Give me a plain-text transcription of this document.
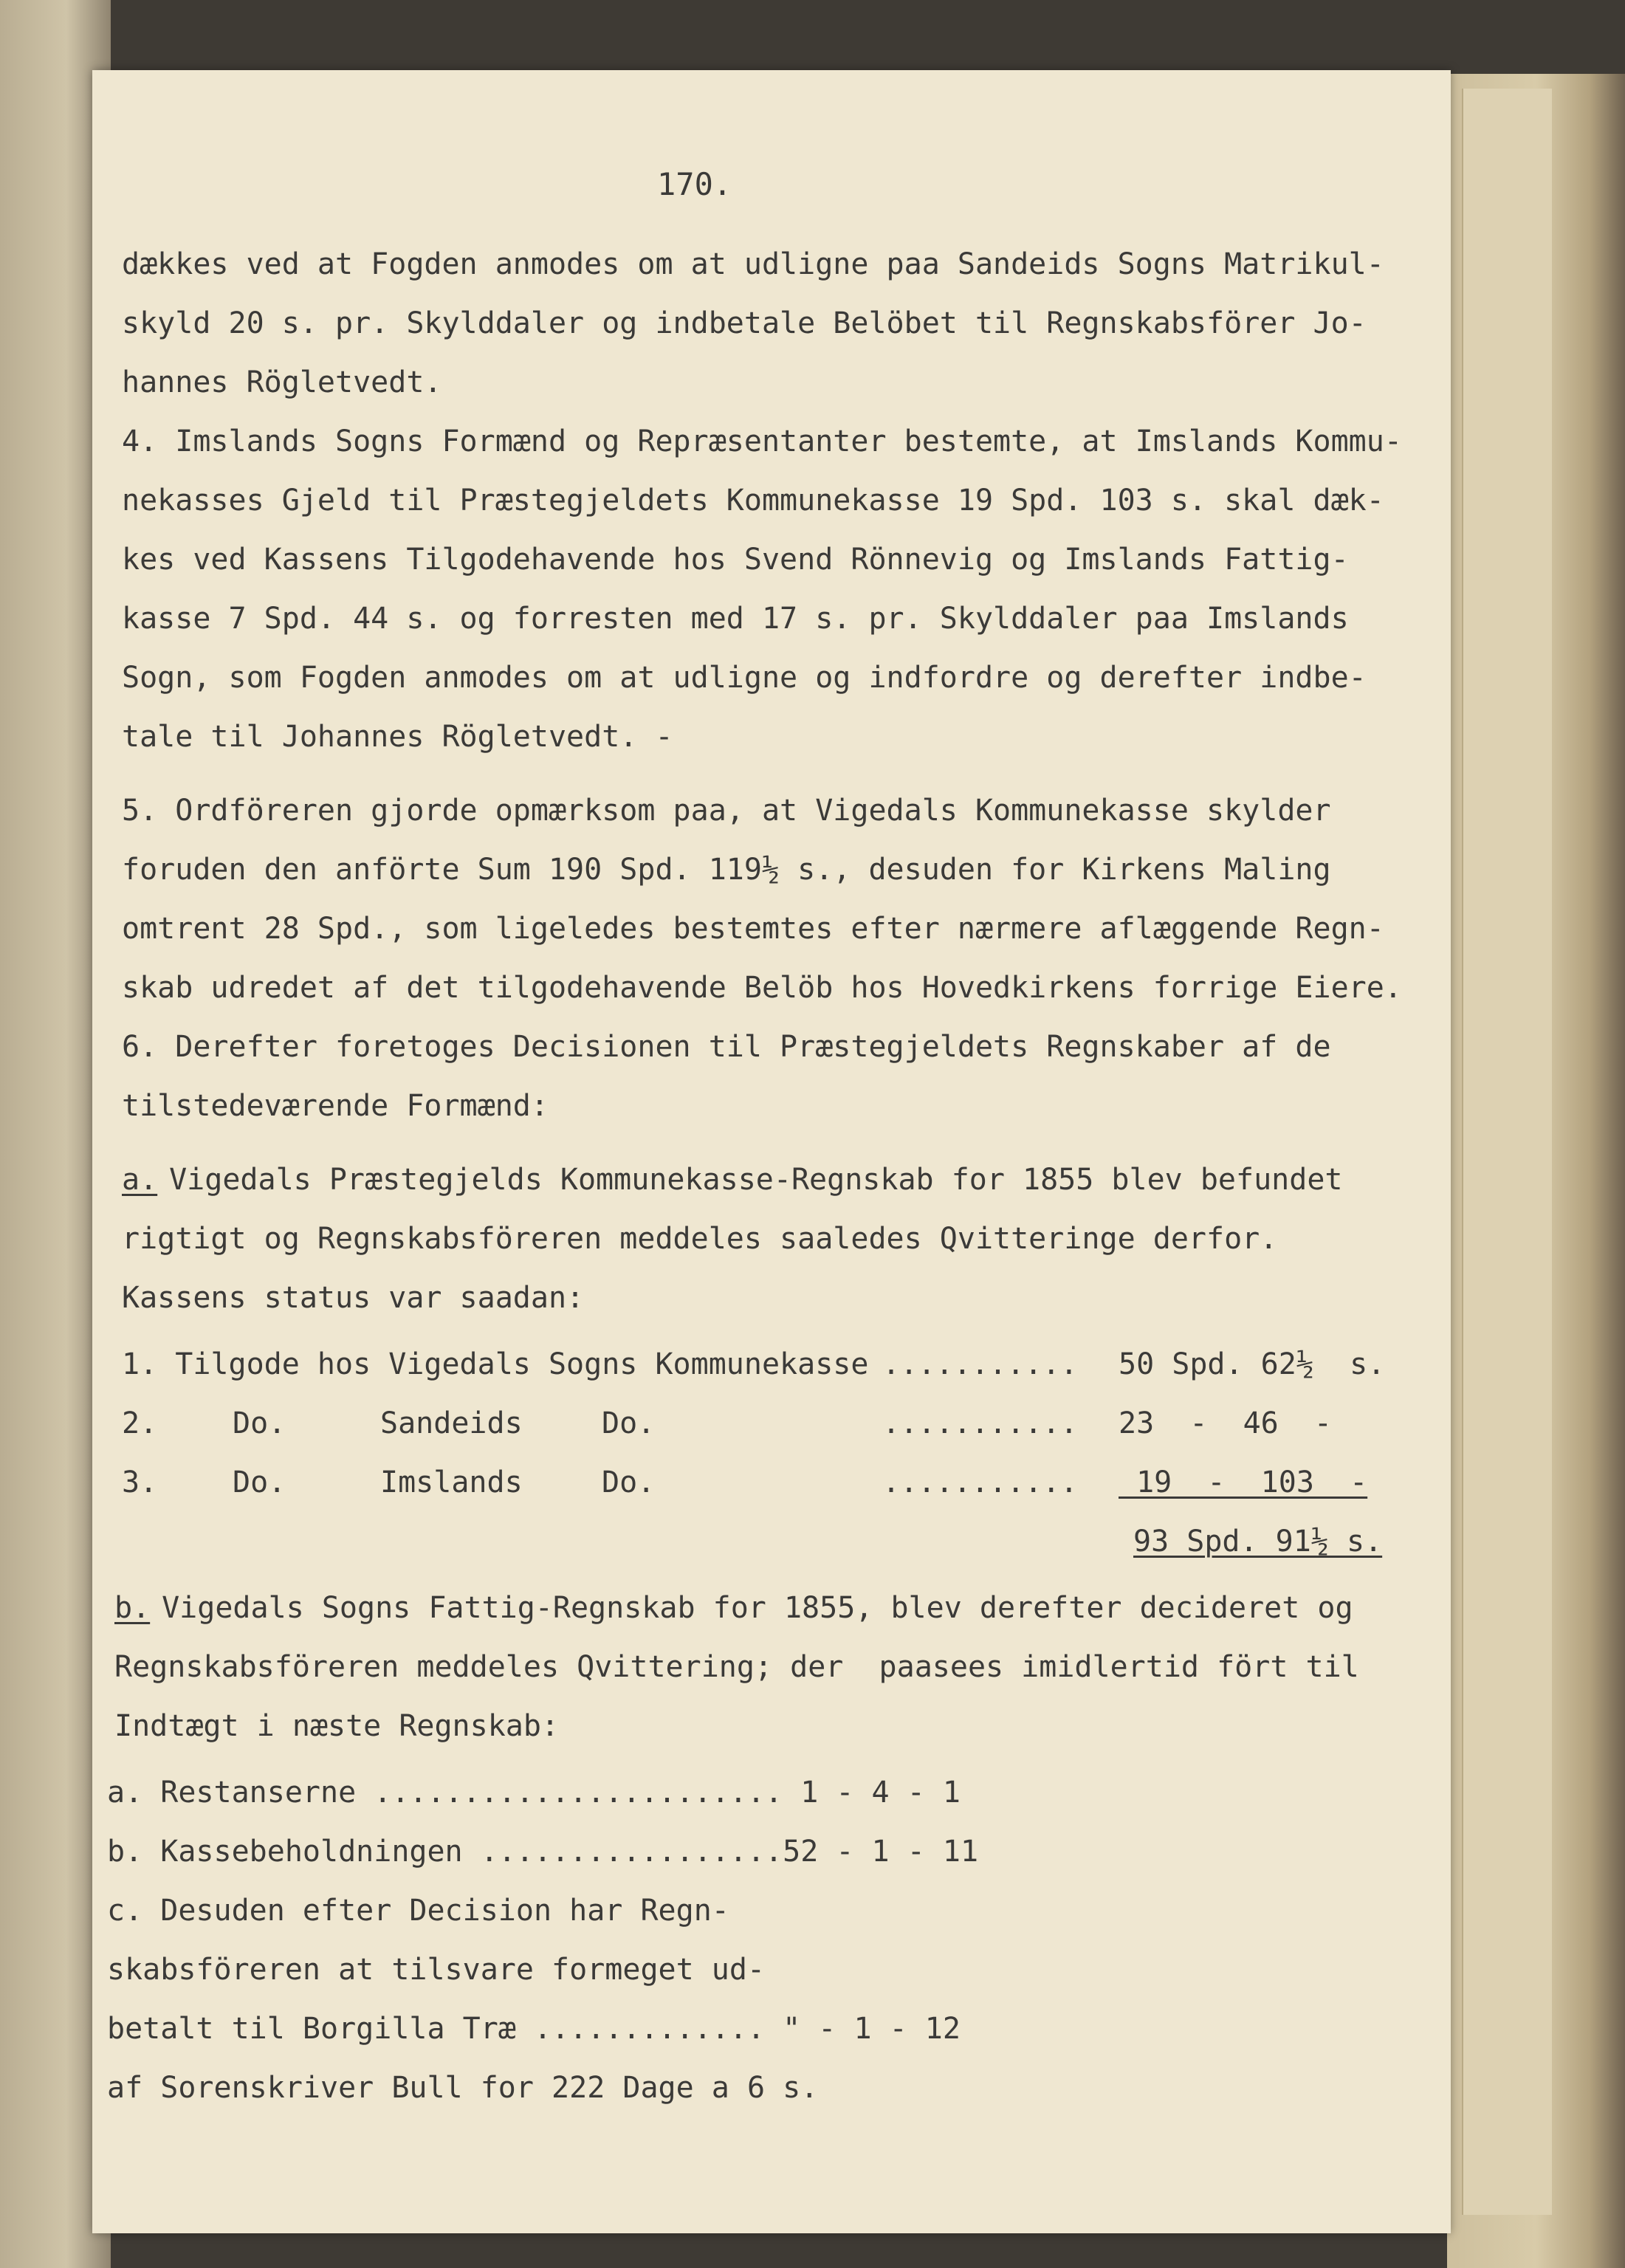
170.
dækkes ved at Fogden anmodes om at udligne paa Sandeids Sogns Matrikul-
skyld 20 s. pr. Skylddaler og indbetale Belöbet til Regnskabsförer Jo-
hannes Rögletvedt.
4. Imslands Sogns Formænd og Repræsentanter bestemte, at Imslands Kommu-
nekasses Gjeld til Præstegjeldets Kommunekasse 19 Spd. 103 s. skal dæk-
kes ved Kassens Tilgodehavende hos Svend Rönnevig og Imslands Fattig-
kasse 7 Spd. 44 s. og forresten med 17 s. pr. Skylddaler paa Imslands
Sogn, som Fogden anmodes om at udligne og indfordre og derefter indbe-
tale til Johannes Rögletvedt. -
5. Ordföreren gjorde opmærksom paa, at Vigedals Kommunekasse skylder
foruden den anförte Sum 190 Spd. 119½ s., desuden for Kirkens Maling
omtrent 28 Spd., som ligeledes bestemtes efter nærmere aflæggende Regn-
skab udredet af det tilgodehavende Belöb hos Hovedkirkens forrige Eiere.
6. Derefter foretoges Decisionen til Præstegjeldets Regnskaber af de
tilstedeværende Formænd:
a.
Vigedals Præstegjelds Kommunekasse-Regnskab for 1855 blev befundet
rigtigt og Regnskabsföreren meddeles saaledes Qvitteringe derfor.
Kassens status var saadan:
1. Tilgode hos Vigedals Sogns Kommunekasse ........... 50 Spd. 62½  s.
2.	Do.	Sandeids	Do.	........... 23  -  46  -
3.	Do.	Imslands	Do.	........... 19  -  103  -
93 Spd. 91½ s.
b.
Vigedals Sogns Fattig-Regnskab for 1855, blev derefter decideret og
Regnskabsföreren meddeles Qvittering; der  paasees imidlertid fört til
Indtægt i næste Regnskab:
a. Restanserne ....................... 1 - 4 - 1
b. Kassebeholdningen .................52 - 1 - 11
c. Desuden efter Decision har Regn-
skabsföreren at tilsvare formeget ud-
betalt til Borgilla Træ ............. " - 1 - 12
af Sorenskriver Bull for 222 Dage a 6 s.
